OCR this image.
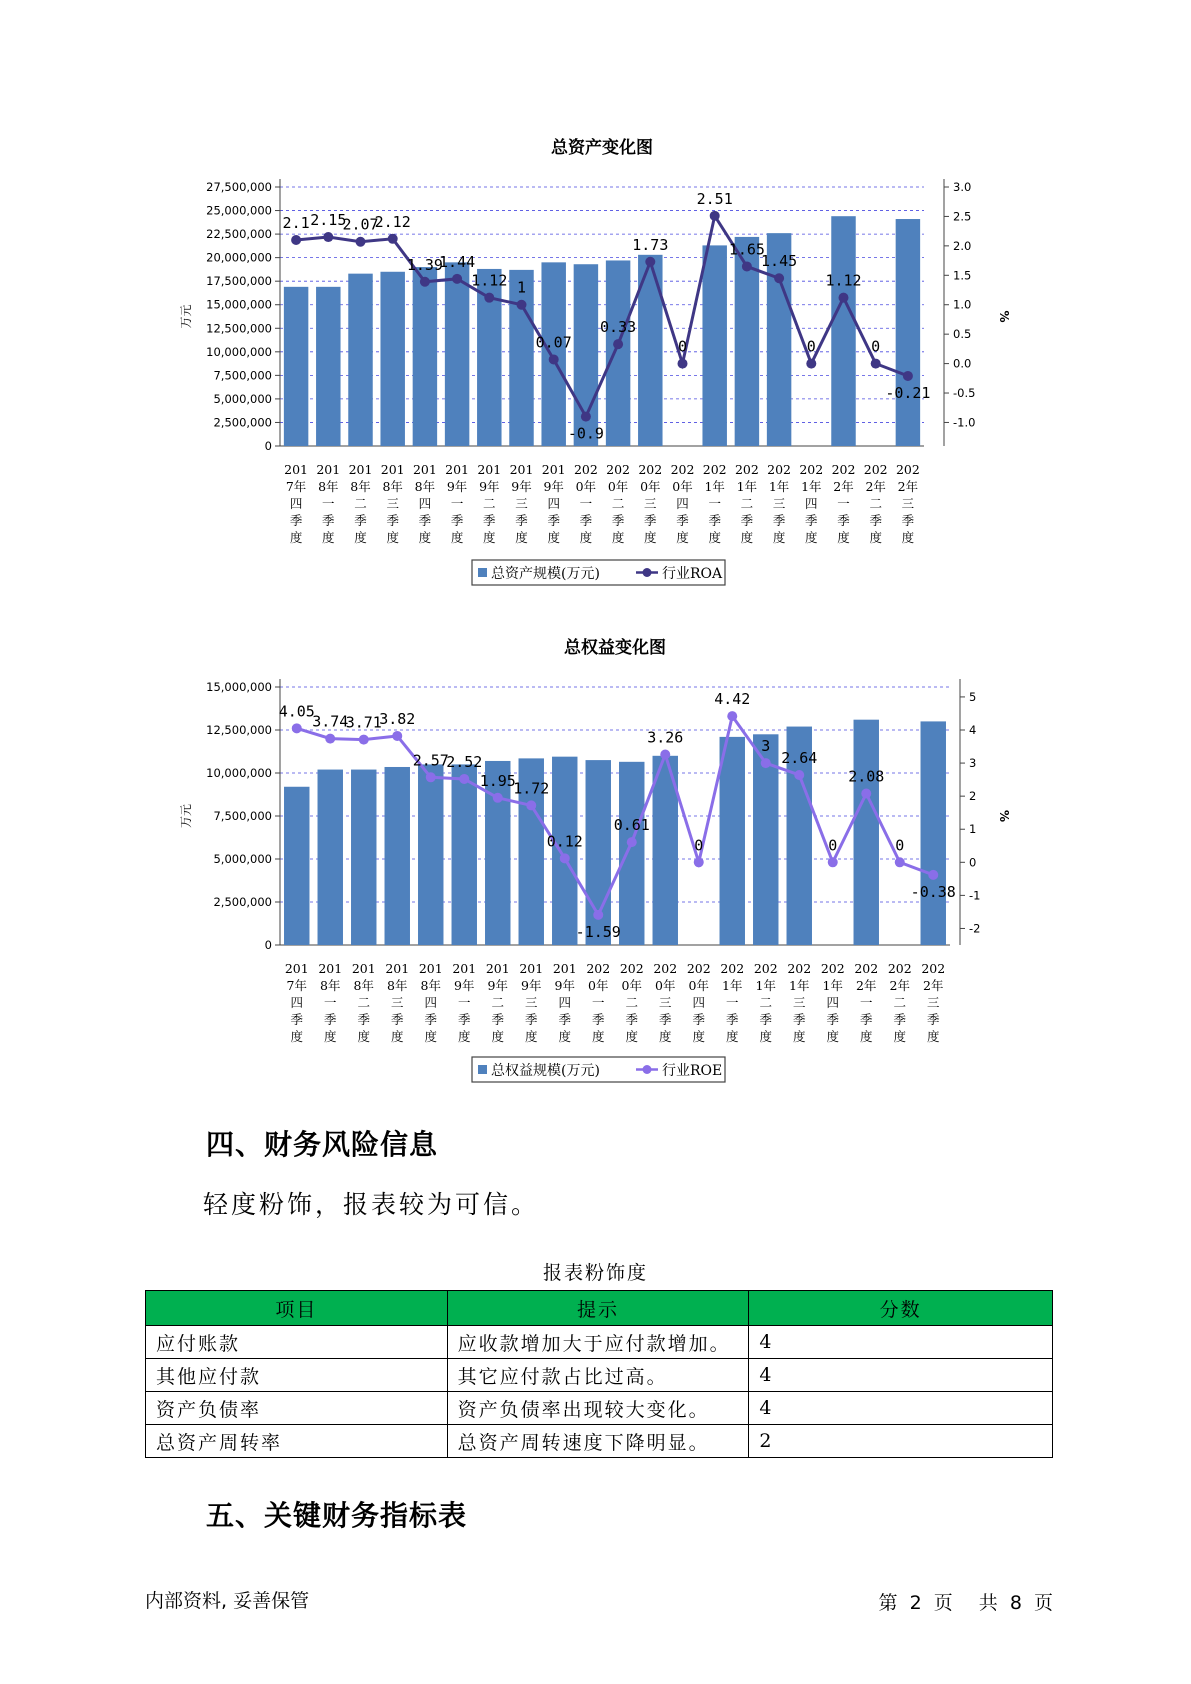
总资产变化图
27,500,000
25,000,000
22,500,000
20,000,000
17,500,000
15,000,000
12,500,000
10,000,000
7,500,000
5,000,000
2,500,000
0
3.0
2.5
2.0
1.5
1.0
0.5
0.0
-0.5
-1.0
万元	%
2.1 2.15
2.07
2.12
1.39
1.44
1.12 1
0.07
-0.9
0.33
1.73
0
2.51
1.65
1.45
0
1.12
0
-0.21
201
7年
四
季
度
201
8年
一
季
度
201
8年
二
季
度
201
8年
三
季
度
201
8年
四
季
度
201
9年
一
季
度
201
9年
二
季
度
201
9年
三
季
度
201
9年
四
季
度
202
0年
一
季
度
202
0年
二
季
度
202
0年
三
季
度
202
0年
四
季
度
202
1年
一
季
度
202
1年
二
季
度
202
1年
三
季
度
202
1年
四
季
度
202
2年
一
季
度
202
2年
二
季
度
202
2年
三
季
度
总资产规模(万元)	行业ROA
总权益变化图
15,000,000
12,500,000
10,000,000
7,500,000
5,000,000
2,500,000
0
5
4
3
2
1
0
-1
-2
万元	%
4.05
3.74
3.71
3.82
2.57
2.52
1.95
1.72
0.12
-1.59
0.61
3.26
0
4.42
3
2.64
0
2.08
0
-0.38
201
7年
四
季
度
201
8年
一
季
度
201
8年
二
季
度
201
8年
三
季
度
201
8年
四
季
度
201
9年
一
季
度
201
9年
二
季
度
201
9年
三
季
度
201
9年
四
季
度
202
0年
一
季
度
202
0年
二
季
度
202
0年
三
季
度
202
0年
四
季
度
202
1年
一
季
度
202
1年
二
季
度
202
1年
三
季
度
202
1年
四
季
度
202
2年
一
季
度
202
2年
二
季
度
202
2年
三
季
度
总权益规模(万元)	行业ROE
四、财务风险信息
轻度粉饰，报表较为可信。
报表粉饰度
项目	提示	分数
应付账款	应收款增加大于应付款增加。	4
其他应付款	其它应付款占比过高。	4
资产负债率	资产负债率出现较大变化。	4
总资产周转率	总资产周转速度下降明显。	2
五、关键财务指标表
内部资料, 妥善保管	第 2 页 共 8 页
